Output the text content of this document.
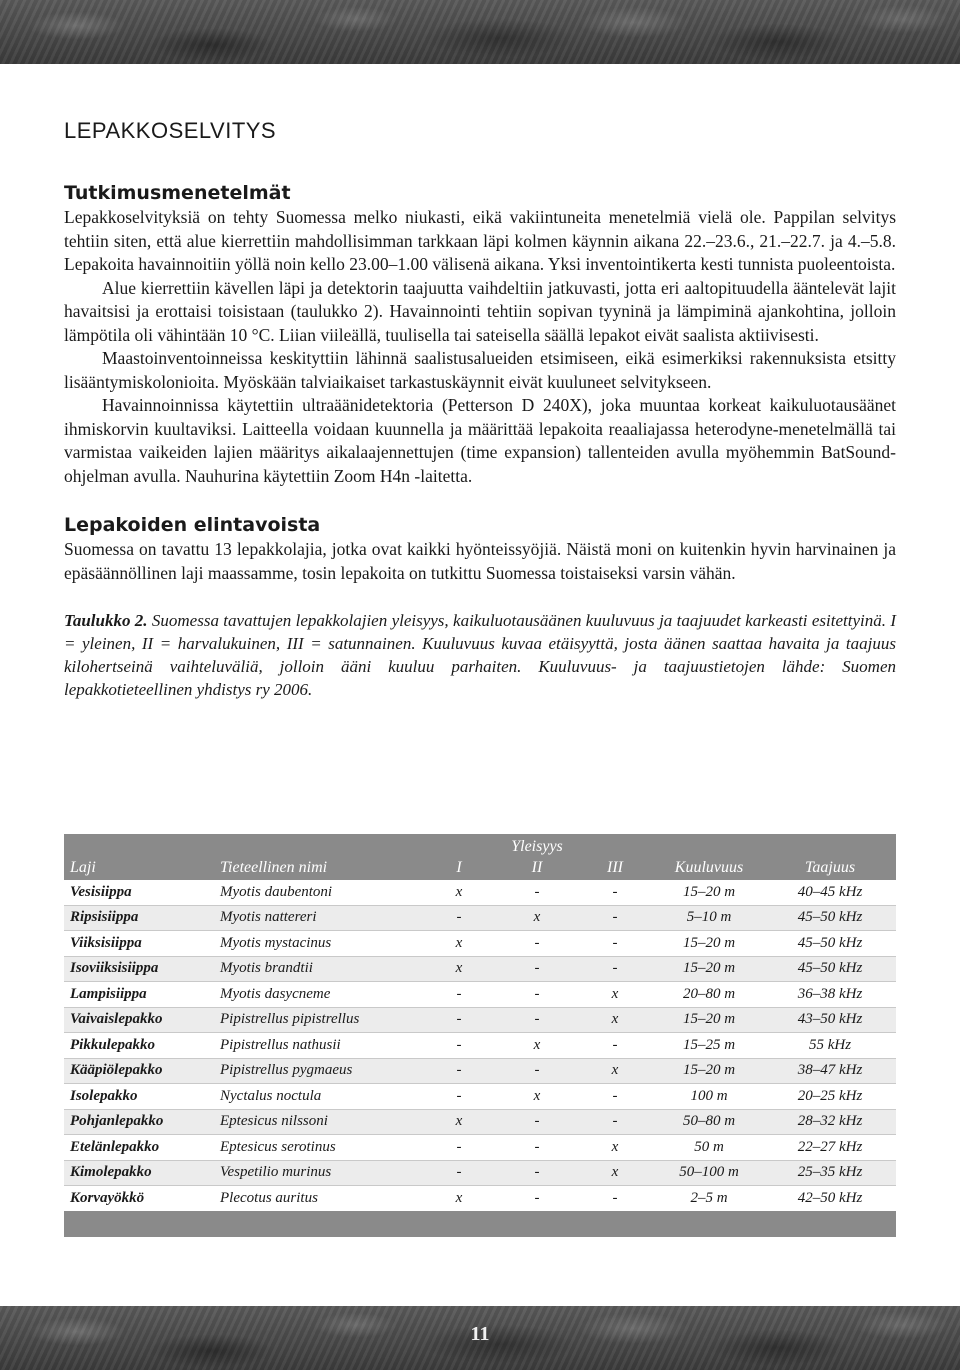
LEPAKKOSELVITYS
Tutkimusmenetelmät

Lepakkoselvityksiä on tehty Suomessa melko niukasti, eikä vakiintuneita menetelmiä vielä ole. Pappilan selvitys tehtiin siten, että alue kierrettiin mahdollisimman tarkkaan läpi kolmen käynnin aikana 22.–23.6., 21.–22.7. ja 4.–5.8. Lepakoita havainnoitiin yöllä noin kello 23.00–1.00 välisenä aikana. Yksi inventointikerta kesti tunnista puoleentoista.

Alue kierrettiin kävellen läpi ja detektorin taajuutta vaihdeltiin jatkuvasti, jotta eri aaltopituudella ääntelevät lajit havaitsisi ja erottaisi toisistaan (taulukko 2). Havainnointi tehtiin sopivan tyyninä ja lämpiminä ajankohtina, jolloin lämpötila oli vähintään 10 °C. Liian viileällä, tuulisella tai sateisella säällä lepakot eivät saalista aktiivisesti.

Maastoinventoinneissa keskityttiin lähinnä saalistusalueiden etsimiseen, eikä esimerkiksi rakennuksista etsitty lisääntymiskolonioita. Myöskään talviaikaiset tarkastuskäynnit eivät kuuluneet selvitykseen.

Havainnoinnissa käytettiin ultraäänidetektoria (Petterson D 240X), joka muuntaa korkeat kaikuluotausäänet ihmiskorvin kuultaviksi. Laitteella voidaan kuunnella ja määrittää lepakoita reaaliajassa heterodyne-menetelmällä tai varmistaa vaikeiden lajien määritys aikalaajennettujen (time expansion) tallenteiden avulla myöhemmin BatSound-ohjelman avulla. Nauhurina käytettiin Zoom H4n -laitetta.

Lepakoiden elintavoista

Suomessa on tavattu 13 lepakkolajia, jotka ovat kaikki hyönteissyöjiä. Näistä moni on kuitenkin hyvin harvinainen ja epäsäännöllinen laji maassamme, tosin lepakoita on tutkittu Suomessa toistaiseksi varsin vähän.

Taulukko 2. Suomessa tavattujen lepakkolajien yleisyys, kaikuluotausäänen kuuluvuus ja taajuudet karkeasti esitettyinä. I = yleinen, II = harvalukuinen, III = satunnainen. Kuuluvuus kuvaa etäisyyttä, josta äänen saattaa havaita ja taajuus kilohertseinä vaihteluväliä, jolloin ääni kuuluu parhaiten. Kuuluvuus- ja taajuustietojen lähde: Suomen lepakkotieteellinen yhdistys ry 2006.
		Yleisyys				
Laji	Tieteellinen nimi	I	II	III	Kuuluvuus	Taajuus
Vesisiippa	Myotis daubentoni	x	-	-	15–20 m	40–45 kHz
Ripsisiippa	Myotis nattereri	-	x	-	5–10 m	45–50 kHz
Viiksisiippa	Myotis mystacinus	x	-	-	15–20 m	45–50 kHz
Isoviiksisiippa	Myotis brandtii	x	-	-	15–20 m	45–50 kHz
Lampisiippa	Myotis dasycneme	-	-	x	20–80 m	36–38 kHz
Vaivaislepakko	Pipistrellus pipistrellus	-	-	x	15–20 m	43–50 kHz
Pikkulepakko	Pipistrellus nathusii	-	x	-	15–25 m	55 kHz
Kääpiölepakko	Pipistrellus pygmaeus	-	-	x	15–20 m	38–47 kHz
Isolepakko	Nyctalus noctula	-	x	-	100 m	20–25 kHz
Pohjanlepakko	Eptesicus nilssoni	x	-	-	50–80 m	28–32 kHz
Etelänlepakko	Eptesicus serotinus	-	-	x	50 m	22–27 kHz
Kimolepakko	Vespetilio murinus	-	-	x	50–100 m	25–35 kHz
Korvayökkö	Plecotus auritus	x	-	-	2–5 m	42–50 kHz

11
